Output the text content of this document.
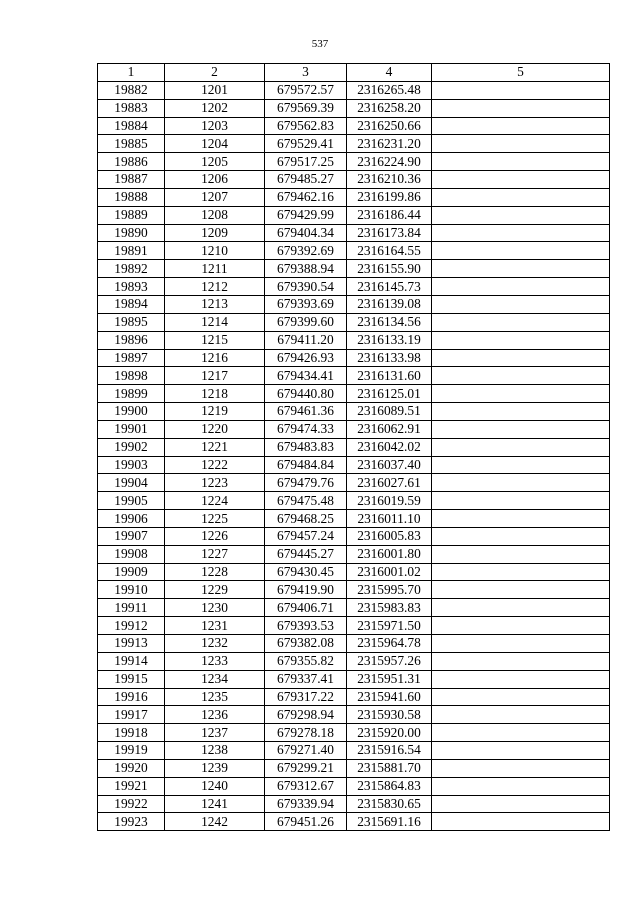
537
1	2	3	4	5
19882	1201	679572.57	2316265.48	
19883	1202	679569.39	2316258.20	
19884	1203	679562.83	2316250.66	
19885	1204	679529.41	2316231.20	
19886	1205	679517.25	2316224.90	
19887	1206	679485.27	2316210.36	
19888	1207	679462.16	2316199.86	
19889	1208	679429.99	2316186.44	
19890	1209	679404.34	2316173.84	
19891	1210	679392.69	2316164.55	
19892	1211	679388.94	2316155.90	
19893	1212	679390.54	2316145.73	
19894	1213	679393.69	2316139.08	
19895	1214	679399.60	2316134.56	
19896	1215	679411.20	2316133.19	
19897	1216	679426.93	2316133.98	
19898	1217	679434.41	2316131.60	
19899	1218	679440.80	2316125.01	
19900	1219	679461.36	2316089.51	
19901	1220	679474.33	2316062.91	
19902	1221	679483.83	2316042.02	
19903	1222	679484.84	2316037.40	
19904	1223	679479.76	2316027.61	
19905	1224	679475.48	2316019.59	
19906	1225	679468.25	2316011.10	
19907	1226	679457.24	2316005.83	
19908	1227	679445.27	2316001.80	
19909	1228	679430.45	2316001.02	
19910	1229	679419.90	2315995.70	
19911	1230	679406.71	2315983.83	
19912	1231	679393.53	2315971.50	
19913	1232	679382.08	2315964.78	
19914	1233	679355.82	2315957.26	
19915	1234	679337.41	2315951.31	
19916	1235	679317.22	2315941.60	
19917	1236	679298.94	2315930.58	
19918	1237	679278.18	2315920.00	
19919	1238	679271.40	2315916.54	
19920	1239	679299.21	2315881.70	
19921	1240	679312.67	2315864.83	
19922	1241	679339.94	2315830.65	
19923	1242	679451.26	2315691.16	
